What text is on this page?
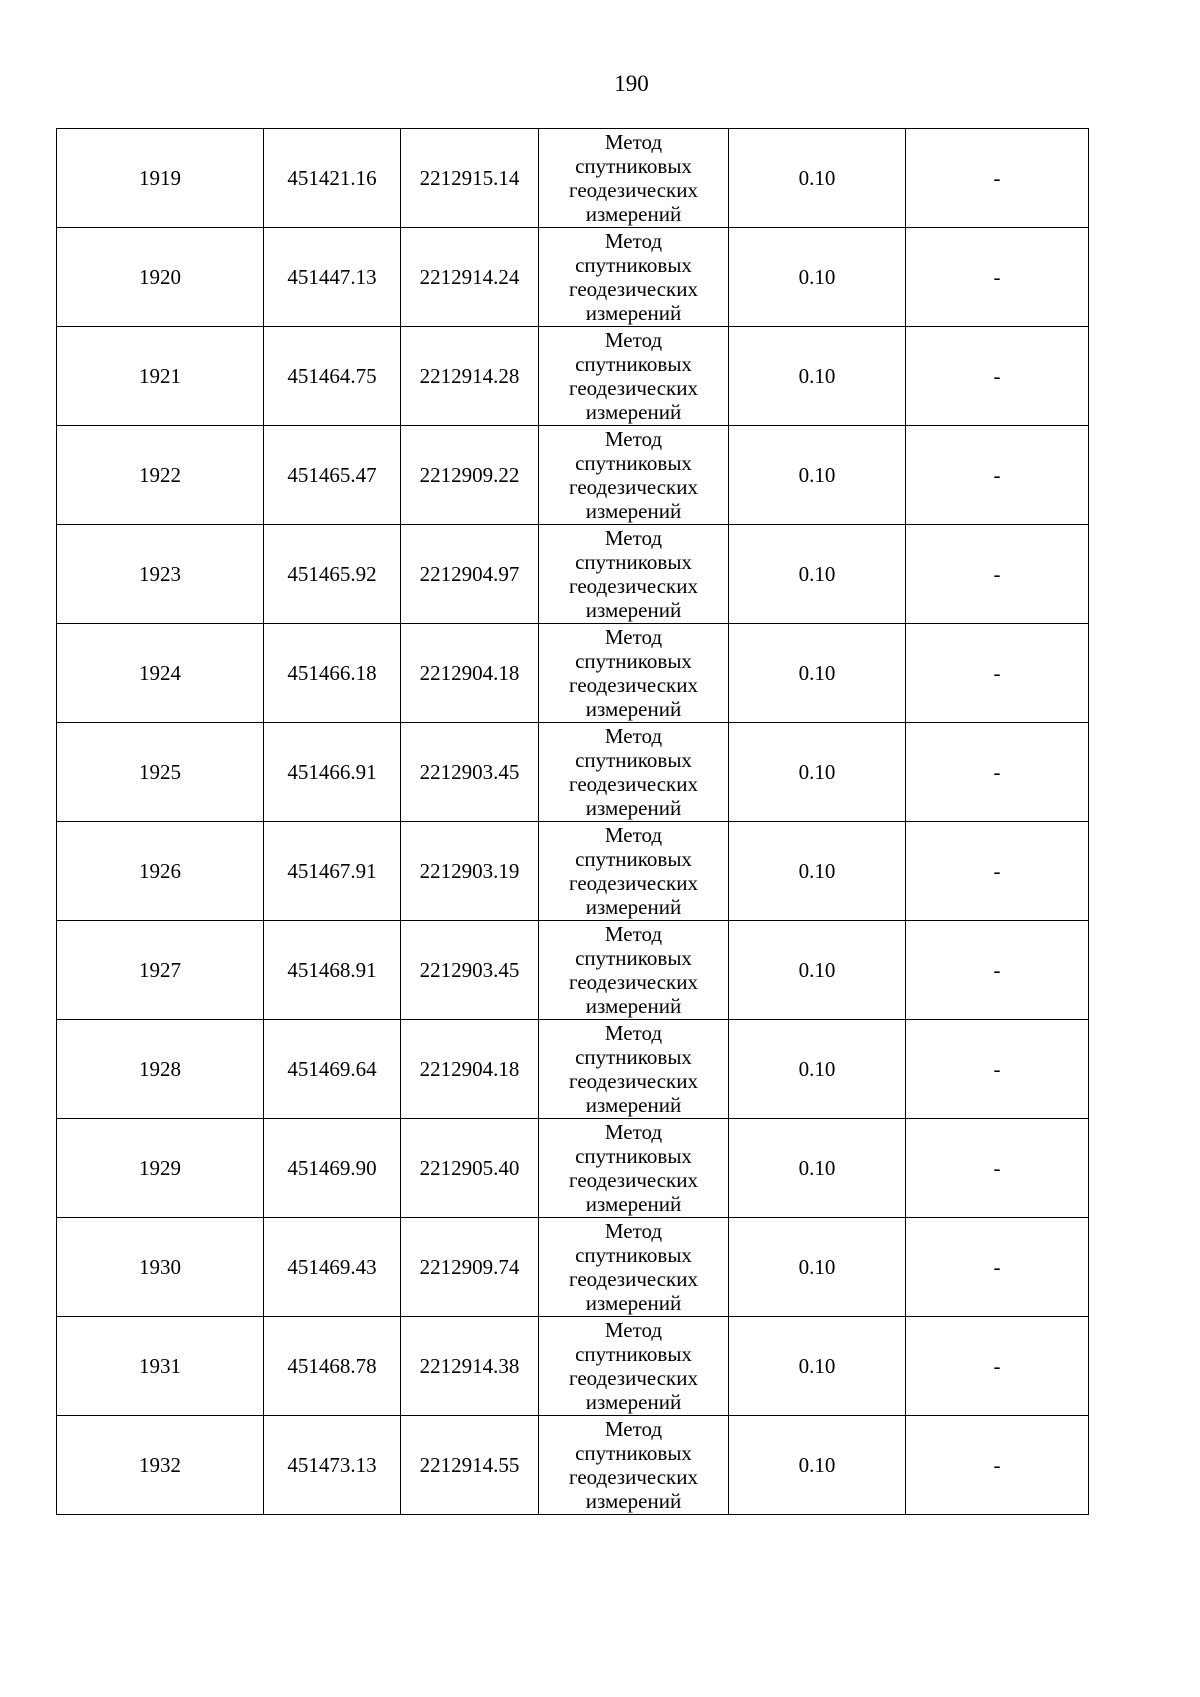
190
1919	451421.16	2212915.14	Метод
спутниковых
геодезических
измерений	0.10	-
1920	451447.13	2212914.24	Метод
спутниковых
геодезических
измерений	0.10	-
1921	451464.75	2212914.28	Метод
спутниковых
геодезических
измерений	0.10	-
1922	451465.47	2212909.22	Метод
спутниковых
геодезических
измерений	0.10	-
1923	451465.92	2212904.97	Метод
спутниковых
геодезических
измерений	0.10	-
1924	451466.18	2212904.18	Метод
спутниковых
геодезических
измерений	0.10	-
1925	451466.91	2212903.45	Метод
спутниковых
геодезических
измерений	0.10	-
1926	451467.91	2212903.19	Метод
спутниковых
геодезических
измерений	0.10	-
1927	451468.91	2212903.45	Метод
спутниковых
геодезических
измерений	0.10	-
1928	451469.64	2212904.18	Метод
спутниковых
геодезических
измерений	0.10	-
1929	451469.90	2212905.40	Метод
спутниковых
геодезических
измерений	0.10	-
1930	451469.43	2212909.74	Метод
спутниковых
геодезических
измерений	0.10	-
1931	451468.78	2212914.38	Метод
спутниковых
геодезических
измерений	0.10	-
1932	451473.13	2212914.55	Метод
спутниковых
геодезических
измерений	0.10	-
